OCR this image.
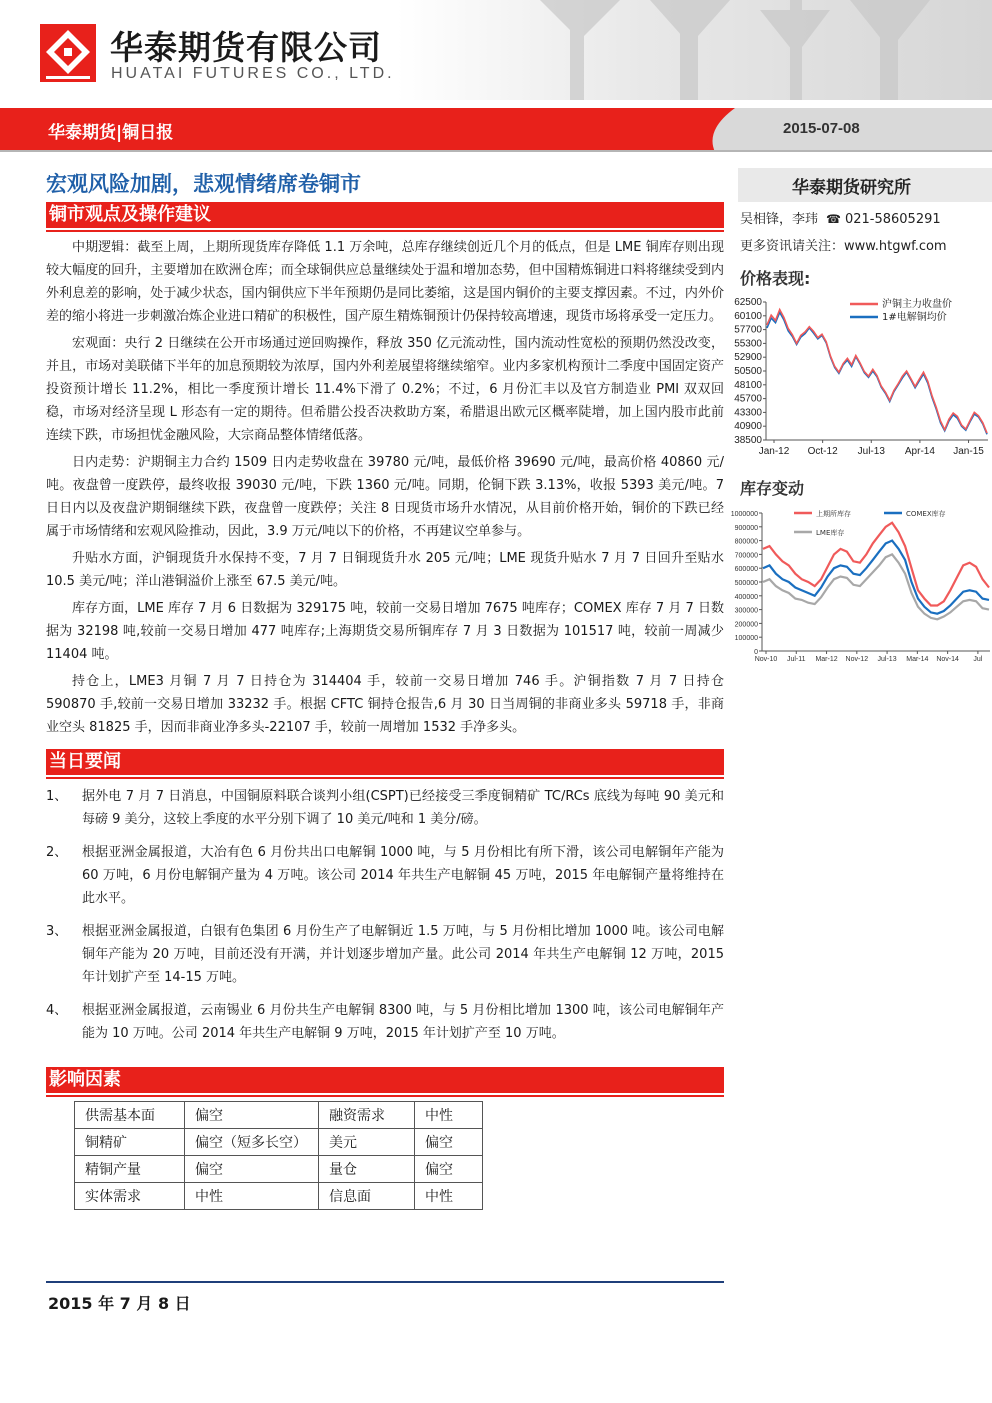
华泰期货有限公司
HUATAI FUTURES CO., LTD.
华泰期货|铜日报	2015-07-08
宏观风险加剧，悲观情绪席卷铜市
铜市观点及操作建议

中期逻辑：截至上周，上期所现货库存降低 1.1 万余吨，总库存继续创近几个月的低点，但是 LME 铜库存则出现较大幅度的回升，主要增加在欧洲仓库；而全球铜供应总量继续处于温和增加态势，但中国精炼铜进口料将继续受到内外利息差的影响，处于减少状态，国内铜供应下半年预期仍是同比萎缩，这是国内铜价的主要支撑因素。不过，内外价差的缩小将进一步刺激冶炼企业进口精矿的积极性，国产原生精炼铜预计仍保持较高增速，现货市场将承受一定压力。

宏观面：央行 2 日继续在公开市场通过逆回购操作，释放 350 亿元流动性，国内流动性宽松的预期仍然没改变，并且，市场对美联储下半年的加息预期较为浓厚，国内外利差展望将继续缩窄。业内多家机构预计二季度中国固定资产投资预计增长 11.2%，相比一季度预计增长 11.4%下滑了 0.2%；不过，6 月份汇丰以及官方制造业 PMI 双双回稳，市场对经济呈现 L 形态有一定的期待。但希腊公投否决救助方案，希腊退出欧元区概率陡增，加上国内股市此前连续下跌，市场担忧金融风险，大宗商品整体情绪低落。

日内走势：沪期铜主力合约 1509 日内走势收盘在 39780 元/吨，最低价格 39690 元/吨，最高价格 40860 元/吨。夜盘曾一度跌停，最终收报 39030 元/吨，下跌 1360 元/吨。同期，伦铜下跌 3.13%，收报 5393 美元/吨。7 日日内以及夜盘沪期铜继续下跌，夜盘曾一度跌停；关注 8 日现货市场升水情况，从目前价格开始，铜价的下跌已经属于市场情绪和宏观风险推动，因此，3.9 万元/吨以下的价格，不再建议空单参与。

升贴水方面，沪铜现货升水保持不变，7 月 7 日铜现货升水 205 元/吨；LME 现货升贴水 7 月 7 日回升至贴水 10.5 美元/吨；洋山港铜溢价上涨至 67.5 美元/吨。

库存方面，LME 库存 7 月 6 日数据为 329175 吨，较前一交易日增加 7675 吨库存；COMEX 库存 7 月 7 日数据为 32198 吨,较前一交易日增加 477 吨库存;上海期货交易所铜库存 7 月 3 日数据为 101517 吨，较前一周减少 11404 吨。

持仓上，LME3 月铜 7 月 7 日持仓为 314404 手，较前一交易日增加 746 手。沪铜指数 7 月 7 日持仓 590870 手,较前一交易日增加 33232 手。根据 CFTC 铜持仓报告,6 月 30 日当周铜的非商业多头 59718 手，非商业空头 81825 手，因而非商业净多头-22107 手，较前一周增加 1532 手净多头。

当日要闻
1、 据外电 7 月 7 日消息，中国铜原料联合谈判小组(CSPT)已经接受三季度铜精矿 TC/RCs 底线为每吨 90 美元和每磅 9 美分，这较上季度的水平分别下调了 10 美元/吨和 1 美分/磅。
2、 根据亚洲金属报道，大冶有色 6 月份共出口电解铜 1000 吨，与 5 月份相比有所下滑，该公司电解铜年产能为 60 万吨，6 月份电解铜产量为 4 万吨。该公司 2014 年共生产电解铜 45 万吨，2015 年电解铜产量将维持在此水平。
3、 根据亚洲金属报道，白银有色集团 6 月份生产了电解铜近 1.5 万吨，与 5 月份相比增加 1000 吨。该公司电解铜年产能为 20 万吨，目前还没有开满，并计划逐步增加产量。此公司 2014 年共生产电解铜 12 万吨，2015 年计划扩产至 14-15 万吨。
4、 根据亚洲金属报道，云南锡业 6 月份共生产电解铜 8300 吨，与 5 月份相比增加 1300 吨，该公司电解铜年产能为 10 万吨。公司 2014 年共生产电解铜 9 万吨，2015 年计划扩产至 10 万吨。
影响因素
供需基本面	偏空	融资需求	中性
铜精矿	偏空（短多长空）	美元	偏空
精铜产量	偏空	量仓	偏空
实体需求	中性	信息面	中性
2015 年 7 月 8 日
华泰期货研究所
吴相锋，李玮 ☎ 021-58605291
更多资讯请关注：www.htgwf.com
价格表现:
62500
60100
57700
55300
52900
50500
48100
45700
43300
40900
38500
Jan-12 Oct-12 Jul-13 Apr-14 Jan-15
沪铜主力收盘价
1#电解铜均价
库存变动
1000000
900000
800000
700000
600000
500000
400000
300000
200000
100000
0
Nov-10 Jul-11 Mar-12 Nov-12 Jul-13 Mar-14 Nov-14 Jul
上期所库存	COMEX库存
LME库存
